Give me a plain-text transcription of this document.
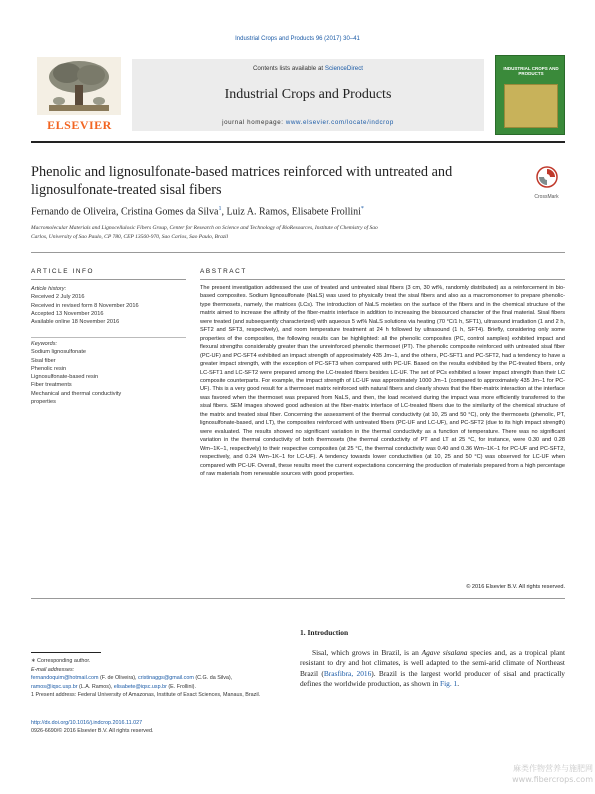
Industrial Crops and Products 96 (2017) 30–41
ELSEVIER
Contents lists available at ScienceDirect
Industrial Crops and Products
journal homepage: www.elsevier.com/locate/indcrop
INDUSTRIAL CROPS AND PRODUCTS
Phenolic and lignosulfonate-based matrices reinforced with untreated and lignosulfonate-treated sisal fibers	CrossMark
Fernando de Oliveira, Cristina Gomes da Silva$^1$, Luiz A. Ramos, Elisabete Frollini*
Macromolecular Materials and Lignocellulosic Fibers Group, Center for Research on Science and Technology of BioResources, Institute of Chemistry of Sao
Carlos, University of Sao Paulo, CP 780, CEP 13560-970, Sao Carlos, Sao Paulo, Brazil
ARTICLE INFO	ABSTRACT
Article history:
Received 2 July 2016
Received in revised form 8 November 2016
Accepted 13 November 2016
Available online 18 November 2016
Keywords:
Sodium lignosulfonate
Sisal fiber
Phenolic resin
Lignosulfonate-based resin
Fiber treatments
Mechanical and thermal conductivity
properties
The present investigation addressed the use of treated and untreated sisal fibers (3 cm, 30 wt%, randomly distributed) as a reinforcement in bio-based composites. Sodium lignosulfonate (NaLS) was used to physically treat the sisal fibers and also as a macromonomer to prepare phenolic-type thermosets, namely, the matrices (LCs). The introduction of NaLS moieties on the surface of the fibers and in the chemical structure of the matrix aimed to increase the affinity of the fiber-matrix interface in addition to increasing the biosourced character of the final material. Sisal fibers were treated (and subsequently characterized) with aqueous 5 wt% NaLS solutions via heating (70 °C/1 h, SFT1), ultrasound irradiation (1 and 2 h, SFT2 and SFT3, respectively), and room temperature treatment at 24 h followed by ultrasound (1 h, SFT4). Briefly, considering only some properties of the composites, the following results can be highlighted: all the phenolic composites (PC, control samples) exhibited impact and flexural strengths considerably greater than the unreinforced phenolic thermoset (PT). The phenolic composite reinforced with untreated sisal fiber (PC-UF) and PC-SFT4 exhibited an impact strength of approximately 435 Jm−1, and the others, PC-SFT1 and PC-SFT2, had a tendency to have a greater impact strength, with the exception of PC-SFT3 when compared with PC-UF. Based on the results exhibited by the PC-treated fibers, only LC-SFT1 and LC-SFT2 were prepared among the LC-treated fibers besides LC-UF. The set of PCs exhibited a lower impact strength than their LC composite counterparts. For example, the impact strength of LC-UF was approximately 1000 Jm−1 (compared to approximately 435 Jm−1 for PC-UF). This is a very good result for a thermoset matrix reinforced with natural fibers and clearly shows that the fiber-matrix interaction at the interface was favored when the thermoset was prepared from NaLS, and then, the load received during the impact was more efficiently transferred to the sisal fibers. SEM images showed good adhesion at the fiber-matrix interface of LC-treated fibers due to the similarity of the chemical structure of the matrix and treated sisal fiber. Concerning the assessment of the thermal conductivity (at 10, 25 and 50 °C), only the thermosets (phenolic, PT, lignosulfonate-based, and LT), the composites reinforced with untreated fibers (PC-UF and LC-UF), and PC-SFT2 (due to its high impact strength) were evaluated. The results showed no significant variation in the thermal conductivity as a function of temperature. There was no significant variation in the thermal conductivity of both thermosets (the thermal conductivity of PT and LT at 25 °C, for instance, were 0.30 and 0.28 Wm−1K−1, respectively) to their respective composites (at 25 °C, the thermal conductivity was 0.40 and 0.36 Wm−1K−1 for PC-UF and PC-SFT2, respectively, and 0.24 Wm−1K−1 for LC-UF). A tendency towards lower conductivities (at 10, 25 and 50 °C) was observed for LC-UF when compared with PC-UF. Overall, these results meet the current expectations concerning the production of materials prepared from a high percentage of raw materials from renewable sources with good properties.
© 2016 Elsevier B.V. All rights reserved.
∗ Corresponding author.
E-mail addresses:
fernandoquim@hotmail.com (F. de Oliveira), cristinaggs@gmail.com (C.G. da Silva),
ramos@iqsc.usp.br (L.A. Ramos), elisabete@iqsc.usp.br (E. Frollini).
1 Present address: Federal University of Amazonas, Institute of Exact Sciences, Manaus, Brazil.
http://dx.doi.org/10.1016/j.indcrop.2016.11.027
0926-6690/© 2016 Elsevier B.V. All rights reserved.
1. Introduction
Sisal, which grows in Brazil, is an Agave sisalana species and, as a tropical plant resistant to dry and hot climates, is well adapted to the semi-arid climate of Northeast Brazil (Brasfibra, 2016). Brazil is the largest world producer of sisal and practically defines the worldwide production, as shown in Fig. 1.
麻类作物营养与施肥网
www.fibercrops.com
